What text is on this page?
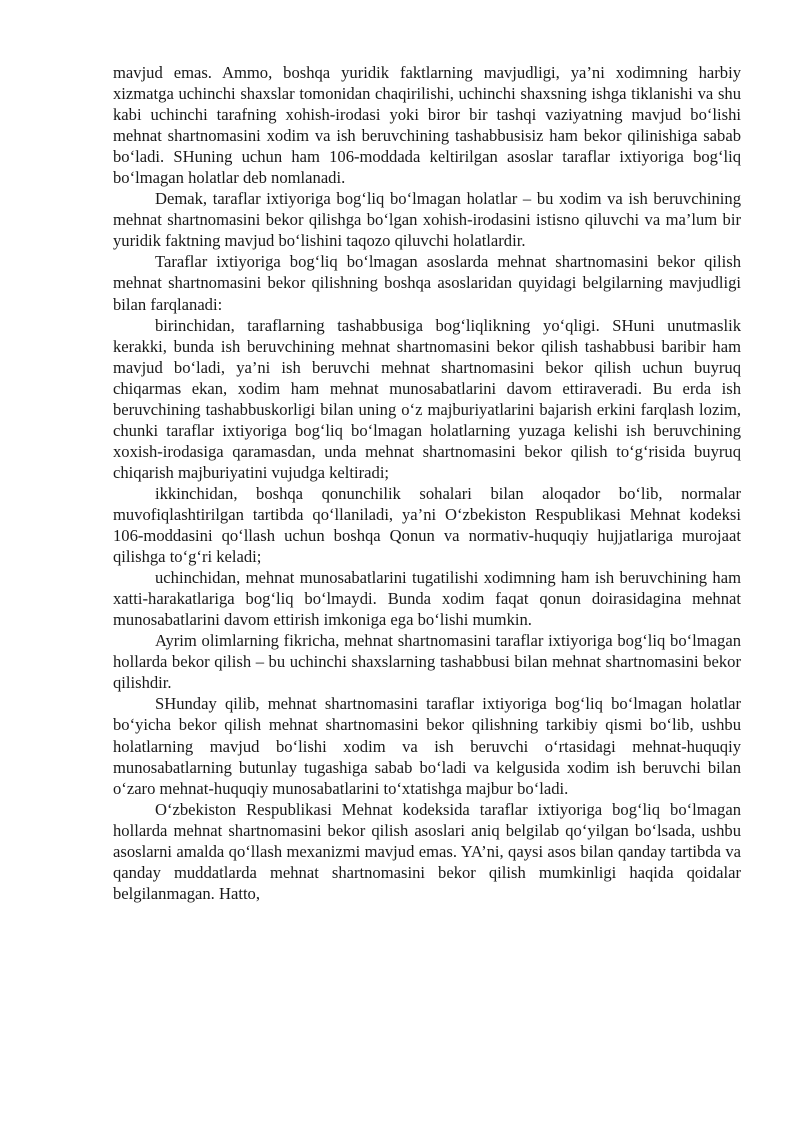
mavjud emas. Ammo, boshqa yuridik faktlarning mavjudligi, ya’ni xodimning harbiy xizmatga uchinchi shaxslar tomonidan chaqirilishi, uchinchi shaxsning ishga tiklanishi va shu kabi uchinchi tarafning xohish-irodasi yoki biror bir tashqi vaziyatning mavjud bo‘lishi mehnat shartnomasini xodim va ish beruvchining tashabbusisiz ham bekor qilinishiga sabab bo‘ladi. SHuning uchun ham 106-moddada keltirilgan asoslar taraflar ixtiyoriga bog‘liq bo‘lmagan holatlar deb nomlanadi.

Demak, taraflar ixtiyoriga bog‘liq bo‘lmagan holatlar – bu xodim va ish beruvchining mehnat shartnomasini bekor qilishga bo‘lgan xohish-irodasini istisno qiluvchi va ma’lum bir yuridik faktning mavjud bo‘lishini taqozo qiluvchi holatlardir.

Taraflar ixtiyoriga bog‘liq bo‘lmagan asoslarda mehnat shartnomasini bekor qilish mehnat shartnomasini bekor qilishning boshqa asoslaridan quyidagi belgilarning mavjudligi bilan farqlanadi:

birinchidan, taraflarning tashabbusiga bog‘liqlikning yo‘qligi. SHuni unutmaslik kerakki, bunda ish beruvchining mehnat shartnomasini bekor qilish tashabbusi baribir ham mavjud bo‘ladi, ya’ni ish beruvchi mehnat shartnomasini bekor qilish uchun buyruq chiqarmas ekan, xodim ham mehnat munosabatlarini davom ettiraveradi. Bu erda ish beruvchining tashabbuskorligi bilan uning o‘z majburiyatlarini bajarish erkini farqlash lozim, chunki taraflar ixtiyoriga bog‘liq bo‘lmagan holatlarning yuzaga kelishi ish beruvchining xoxish-irodasiga qaramasdan, unda mehnat shartnomasini bekor qilish to‘g‘risida buyruq chiqarish majburiyatini vujudga keltiradi;

ikkinchidan, boshqa qonunchilik sohalari bilan aloqador bo‘lib, normalar muvofiqlashtirilgan tartibda qo‘llaniladi, ya’ni O‘zbekiston Respublikasi Mehnat kodeksi 106-moddasini qo‘llash uchun boshqa Qonun va normativ-huquqiy hujjatlariga murojaat qilishga to‘g‘ri keladi;

uchinchidan, mehnat munosabatlarini tugatilishi xodimning ham ish beruvchining ham xatti-harakatlariga bog‘liq bo‘lmaydi. Bunda xodim faqat qonun doirasidagina mehnat munosabatlarini davom ettirish imkoniga ega bo‘lishi mumkin.

Ayrim olimlarning fikricha, mehnat shartnomasini taraflar ixtiyoriga bog‘liq bo‘lmagan hollarda bekor qilish – bu uchinchi shaxslarning tashabbusi bilan mehnat shartnomasini bekor qilishdir.

SHunday qilib, mehnat shartnomasini taraflar ixtiyoriga bog‘liq bo‘lmagan holatlar bo‘yicha bekor qilish mehnat shartnomasini bekor qilishning tarkibiy qismi bo‘lib, ushbu holatlarning mavjud bo‘lishi xodim va ish beruvchi o‘rtasidagi mehnat-huquqiy munosabatlarning butunlay tugashiga sabab bo‘ladi va kelgusida xodim ish beruvchi bilan o‘zaro mehnat-huquqiy munosabatlarini to‘xtatishga majbur bo‘ladi.

O‘zbekiston Respublikasi Mehnat kodeksida taraflar ixtiyoriga bog‘liq bo‘lmagan hollarda mehnat shartnomasini bekor qilish asoslari aniq belgilab qo‘yilgan bo‘lsada, ushbu asoslarni amalda qo‘llash mexanizmi mavjud emas. YA’ni, qaysi asos bilan qanday tartibda va qanday muddatlarda mehnat shartnomasini bekor qilish mumkinligi haqida qoidalar belgilanmagan. Hatto,
